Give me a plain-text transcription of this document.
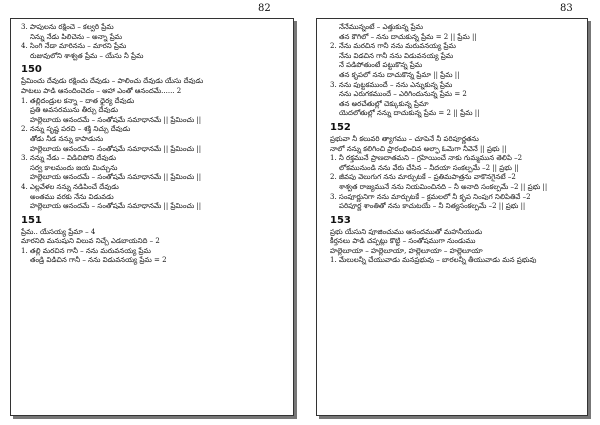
3. పాపులను రక్షించె – కల్వరి ప్రేమ
నిన్ను నేడు పిలిచెను – అన్నా ప్రేమ
4. సింగి నేడా మారినను – మారని ప్రేమ
రుజువులోని శాశ్వత ప్రేమ – యేసు నీ ప్రేమ
150
ప్రేమించు దేవుడు రక్షించు దేవుడు – పాలించు దేవుడు యేసు దేవుడు
పాటలు పాడి ఆనందించెదం – ఆహా ఎంతో ఆనందమే...... 2
1. తల్లిదండ్రుల కన్నా – దాత ధైర్య దేవుడు
ప్రతి అవసరమును తీర్చు దేవుడు
హల్లెలూయ ఆనందమే – సంతోషమే సమాధానమే || ప్రేమించు ||
2. నన్ను సృష్ట పరచి – శక్తి నిచ్చు దేవుడు
తోడు నీడ నన్ను కాపాడును
హల్లెలూయ ఆనందమే – సంతోషమే సమాధానమే || ప్రేమించు ||
3. నన్ను నేడు – విడిచిపోని దేవుడు
సర్వ కాలమందు జయ మిచ్చును
హల్లెలూయ ఆనందమే – సంతోషమే సమాధానమే || ప్రేమించు ||
4. ఎల్లవేళల నన్ను నడిపించే దేవుడు
అంతము వరకు నేను విడువడు
హల్లెలూయ ఆనందమే – సంతోషమే సమాధానమే || ప్రేమించు ||
151
ప్రేమ.. యేసయ్య ప్రేమా – 4
మారనిది మనుషుని విలువ నిచ్చే ఎడబాయనిది – 2
1. తల్లి మరచిన గానీ – నను మరువనయ్య ప్రేమ
తండ్రి విడిచిన గానీ – నను విడువనయ్య ప్రేమ = 2
82
నేనేమున్నంటే – ఎత్తుకున్న ప్రేమ
తన కౌగిలో – నను దాచుకున్న ప్రేమ = 2 || ప్రేమ ||
2. నేను మరచిన గానీ నను మరువనయ్య ప్రేమ
నేను విడచిన గానీ నను విడువనయ్య ప్రేమ
నే పడిపోతుంటే పట్టుకొన్న ప్రేమ
తన కృపలో నను దాచుకొన్న ప్రేమా || ప్రేమ ||
3. నను పుట్టకముందే – నను ఎన్నుకున్న ప్రేమ
నను ఎరుగకముందే – ఎరిగిందునున్న ప్రేమ = 2
తన అరచేతుల్లో చెక్కుకున్న ప్రేమా
యెదలోతుల్లో నన్ను దాచుకున్న ప్రేమ = 2 || ప్రేమ ||
152
ప్రభువా నీ కలువరి త్యాగము – చూపెనే నీ పరిపూర్ణతను
నాలో నన్ను కలిగించి ప్రారంభించిన అల్ఫా ఓమెగా నీవెనే || ప్రభు ||
1. నీ రక్తమునే ప్రాణదాతమని – గ్రహియించే నాకు గుమ్మమున తెలిపి –2
లోకమునుండి నను వేరు చేసిన – నీదయా సంకల్పమే –2 || ప్రభు ||
2. జీవపు వెలుగుగ నను మార్చుటకే – ప్రతిమపాత్రను వాకొనగైనటే –2
శాశ్వత రాజ్యమునే నను నియమించినది – నీ అనాది సంకల్పమే –2 || ప్రభు ||
3. సంపూర్ణునిగా నను మార్చుటకే – క్రమలలో నీ కృప నింపుగ నిలిపితివే –2
పరిపూర్ణ శాంతితో నను కాచుటయే – నీ నిత్యసంకల్పమే –2 || ప్రభు ||
153
ప్రభు యేసుని పూజించుము ఆనందముతో మహనీయుడు
కీర్తనలు పాడి చప్పట్లు కొట్టి – సంతోషముగా నుండుము
హల్లెలూయా – హల్లెలూయా, హల్లెలూయా – హల్లెలూయా
1. మేలులన్నీ చేయువాడు మనప్రభువు – బారలన్నీ తీయువాడు మన ప్రభువు
83
